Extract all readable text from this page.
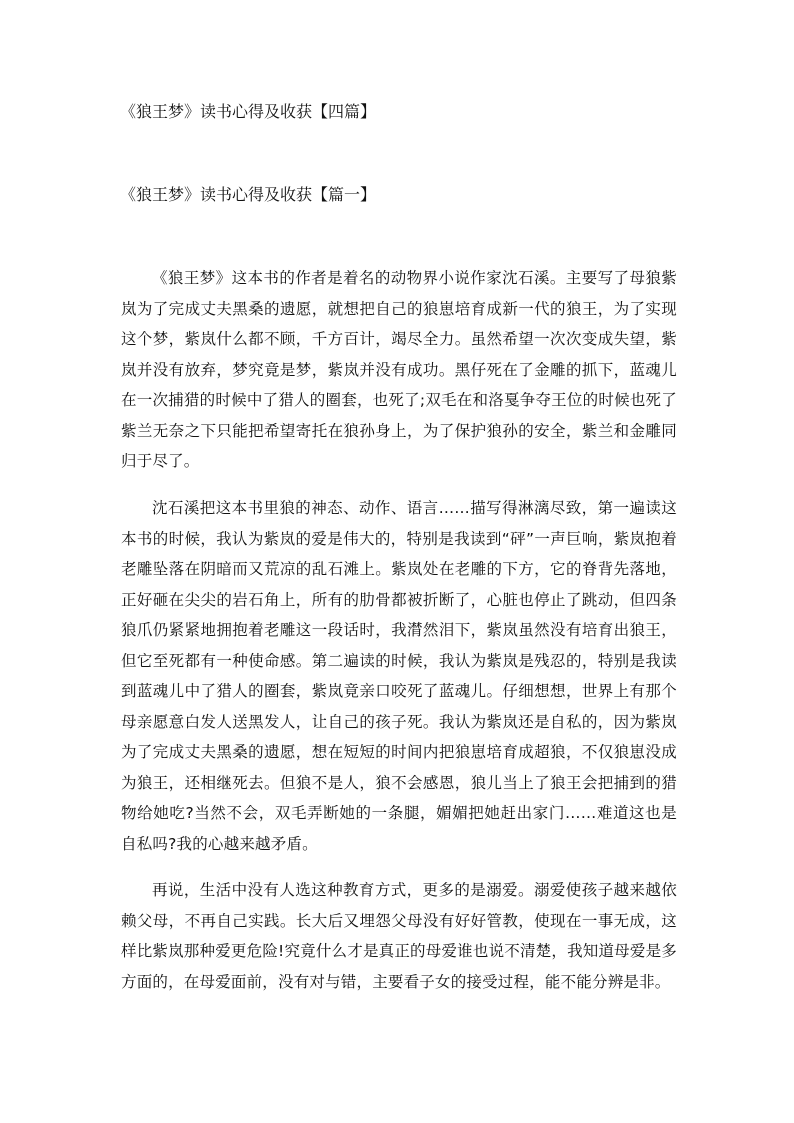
《狼王梦》读书心得及收获【四篇】
《狼王梦》读书心得及收获【篇一】

《狼王梦》这本书的作者是着名的动物界小说作家沈石溪。主要写了母狼紫岚为了完成丈夫黑桑的遗愿，就想把自己的狼崽培育成新一代的狼王，为了实现这个梦，紫岚什么都不顾，千方百计，竭尽全力。虽然希望一次次变成失望，紫岚并没有放弃，梦究竟是梦，紫岚并没有成功。黑仔死在了金雕的抓下，蓝魂儿在一次捕猎的时候中了猎人的圈套，也死了;双毛在和洛戛争夺王位的时候也死了紫兰无奈之下只能把希望寄托在狼孙身上，为了保护狼孙的安全，紫兰和金雕同归于尽了。

沈石溪把这本书里狼的神态、动作、语言……描写得淋漓尽致，第一遍读这本书的时候，我认为紫岚的爱是伟大的，特别是我读到“砰”一声巨响，紫岚抱着老雕坠落在阴暗而又荒凉的乱石滩上。紫岚处在老雕的下方，它的脊背先落地，正好砸在尖尖的岩石角上，所有的肋骨都被折断了，心脏也停止了跳动，但四条狼爪仍紧紧地拥抱着老雕这一段话时，我潸然泪下，紫岚虽然没有培育出狼王，但它至死都有一种使命感。第二遍读的时候，我认为紫岚是残忍的，特别是我读到蓝魂儿中了猎人的圈套，紫岚竟亲口咬死了蓝魂儿。仔细想想，世界上有那个母亲愿意白发人送黑发人，让自己的孩子死。我认为紫岚还是自私的，因为紫岚为了完成丈夫黑桑的遗愿，想在短短的时间内把狼崽培育成超狼，不仅狼崽没成为狼王，还相继死去。但狼不是人，狼不会感恩，狼儿当上了狼王会把捕到的猎物给她吃?当然不会，双毛弄断她的一条腿，媚媚把她赶出家门……难道这也是自私吗?我的心越来越矛盾。

再说，生活中没有人选这种教育方式，更多的是溺爱。溺爱使孩子越来越依赖父母，不再自己实践。长大后又埋怨父母没有好好管教，使现在一事无成，这样比紫岚那种爱更危险!究竟什么才是真正的母爱谁也说不清楚，我知道母爱是多方面的，在母爱面前，没有对与错，主要看子女的接受过程，能不能分辨是非。
